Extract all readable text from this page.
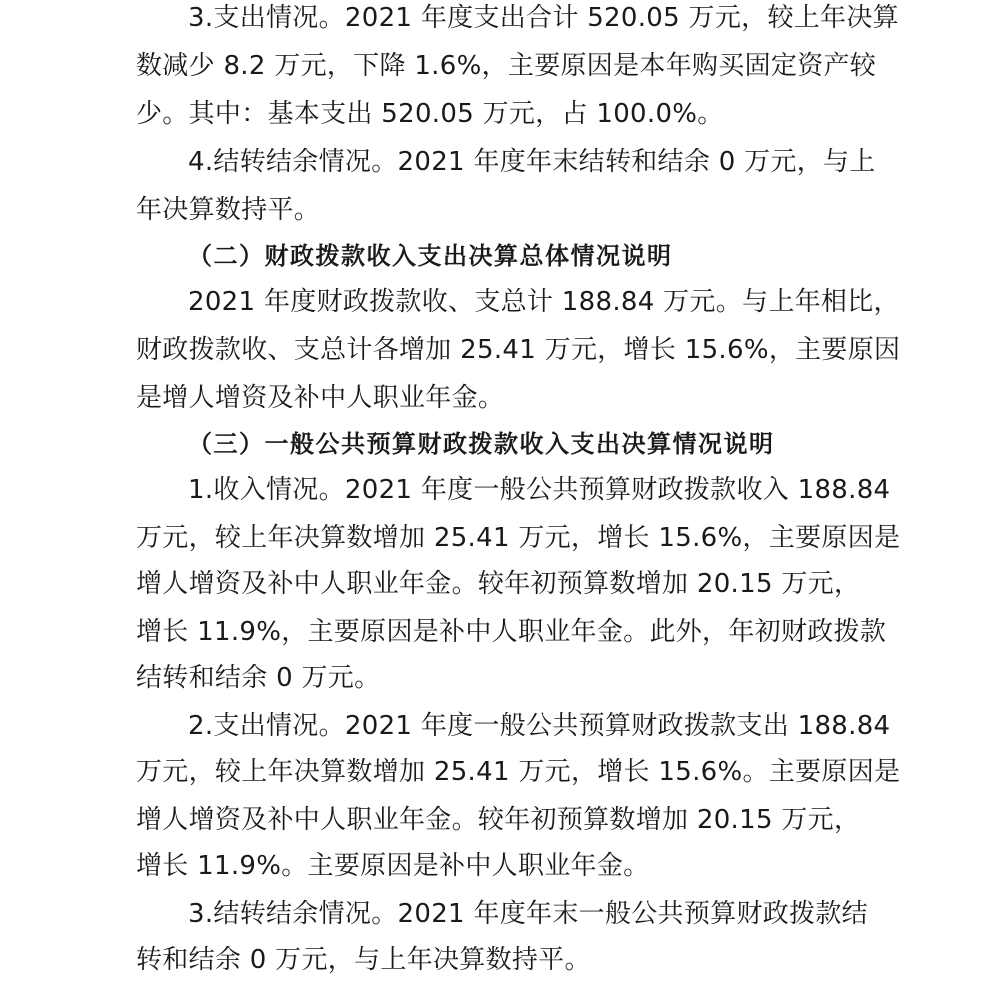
3.支出情况。2021 年度支出合计 520.05 万元，较上年决算
数减少 8.2 万元，下降 1.6%，主要原因是本年购买固定资产较
少。其中：基本支出 520.05 万元，占 100.0%。
4.结转结余情况。2021 年度年末结转和结余 0 万元，与上
年决算数持平。
（二）财政拨款收入支出决算总体情况说明
2021 年度财政拨款收、支总计 188.84 万元。与上年相比，
财政拨款收、支总计各增加 25.41 万元，增长 15.6%，主要原因
是增人增资及补中人职业年金。
（三）一般公共预算财政拨款收入支出决算情况说明
1.收入情况。2021 年度一般公共预算财政拨款收入 188.84
万元，较上年决算数增加 25.41 万元，增长 15.6%，主要原因是
增人增资及补中人职业年金。较年初预算数增加 20.15 万元，
增长 11.9%，主要原因是补中人职业年金。此外，年初财政拨款
结转和结余 0 万元。
2.支出情况。2021 年度一般公共预算财政拨款支出 188.84
万元，较上年决算数增加 25.41 万元，增长 15.6%。主要原因是
增人增资及补中人职业年金。较年初预算数增加 20.15 万元，
增长 11.9%。主要原因是补中人职业年金。
3.结转结余情况。2021 年度年末一般公共预算财政拨款结
转和结余 0 万元，与上年决算数持平。
